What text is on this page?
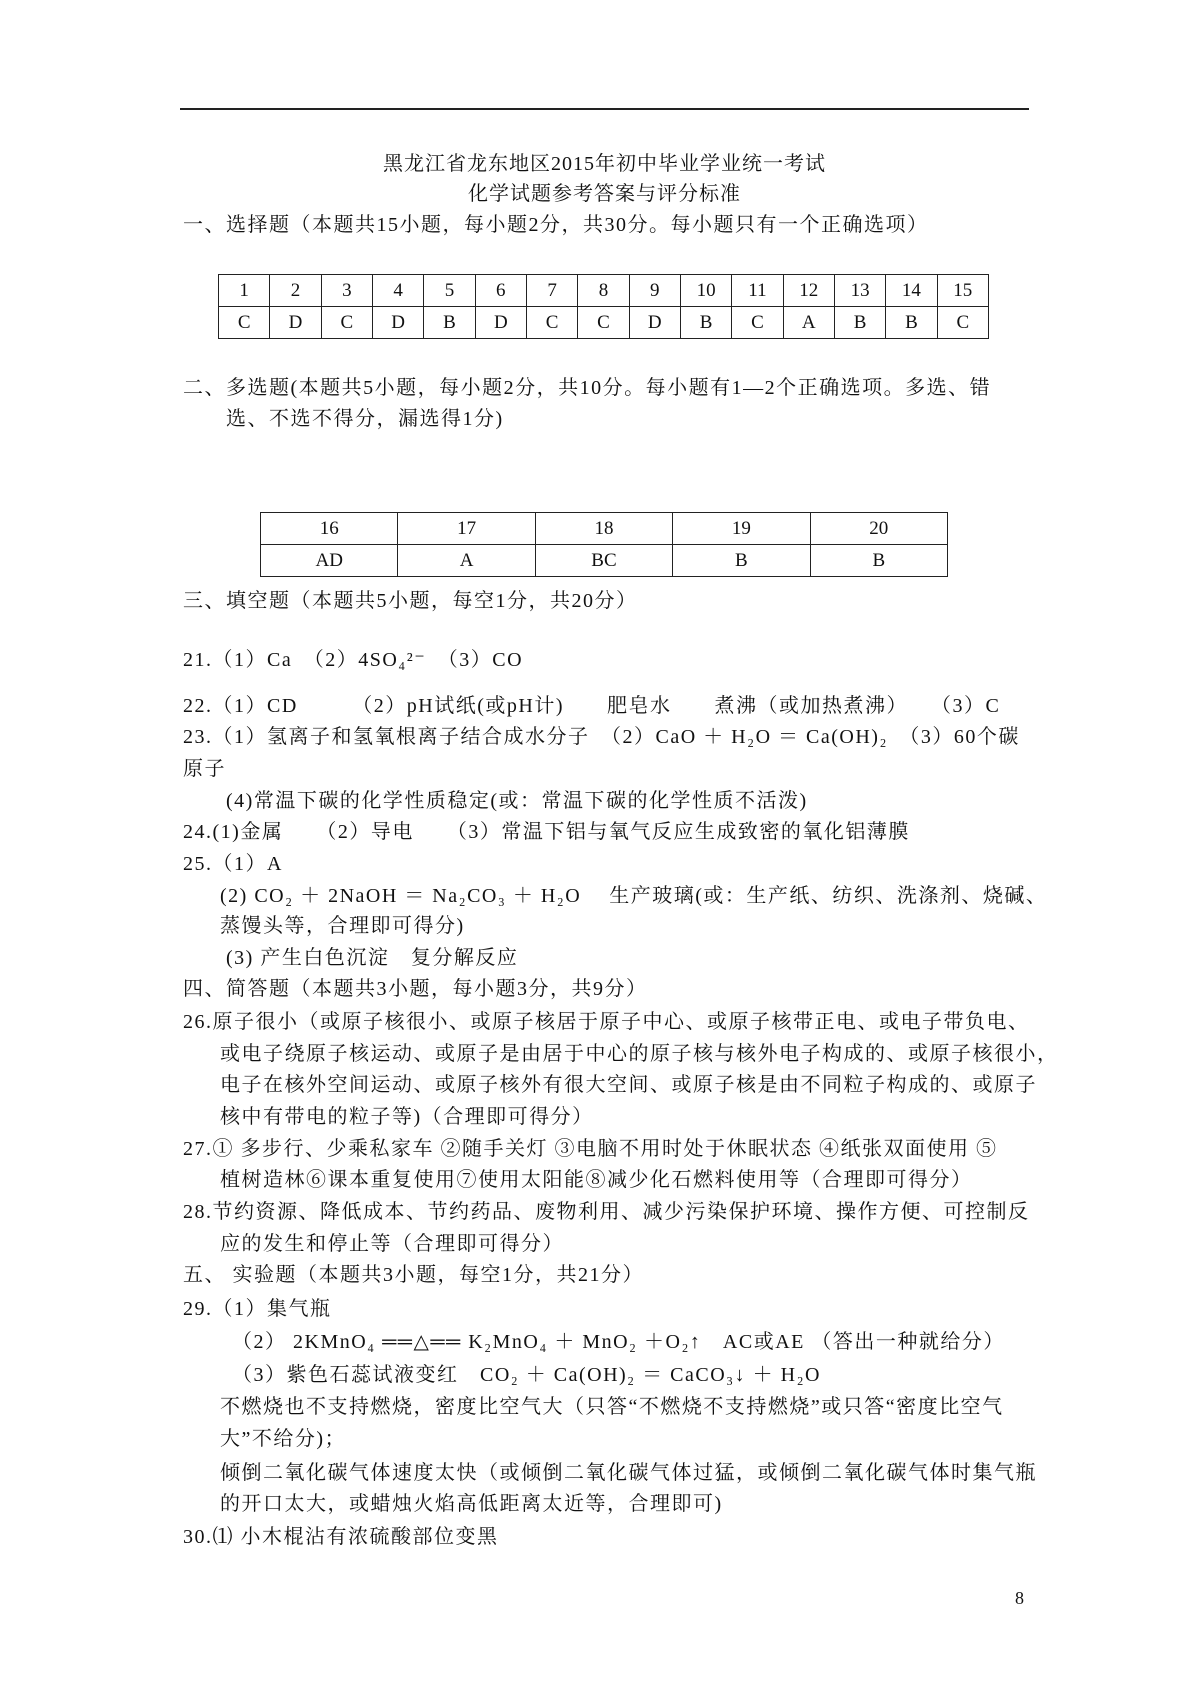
黑龙江省龙东地区2015年初中毕业学业统一考试
化学试题参考答案与评分标准
一、选择题（本题共15小题，每小题2分，共30分。每小题只有一个正确选项）
1	2	3	4	5	6	7	8	9	10	11	12	13	14	15
C	D	C	D	B	D	C	C	D	B	C	A	B	B	C
二、多选题(本题共5小题，每小题2分，共10分。每小题有1—2个正确选项。多选、错
选、不选不得分，漏选得1分)
16	17	18	19	20
AD	A	BC	B	B
三、填空题（本题共5小题，每空1分，共20分）
21.（1）Ca　（2）4SO₄²⁻　（3）CO
22.（1）CD　　　（2）pH试纸(或pH计)　　肥皂水　　煮沸（或加热煮沸）　　（3）C
23.（1）氢离子和氢氧根离子结合成水分子　（2）CaO ＋ H₂O ＝ Ca(OH)₂　（3）60个碳
原子
(4)常温下碳的化学性质稳定(或：常温下碳的化学性质不活泼)
24.(1)金属　　（2）导电　　（3）常温下铝与氧气反应生成致密的氧化铝薄膜
25.（1）A
(2) CO₂ ＋ 2NaOH ＝ Na₂CO₃ ＋ H₂O　 生产玻璃(或：生产纸、纺织、洗涤剂、烧碱、
蒸馒头等，合理即可得分)
(3) 产生白色沉淀　复分解反应
四、简答题（本题共3小题，每小题3分，共9分）
26.原子很小（或原子核很小、或原子核居于原子中心、或原子核带正电、或电子带负电、
或电子绕原子核运动、或原子是由居于中心的原子核与核外电子构成的、或原子核很小，
电子在核外空间运动、或原子核外有很大空间、或原子核是由不同粒子构成的、或原子
核中有带电的粒子等)（合理即可得分）
27.① 多步行、少乘私家车 ②随手关灯 ③电脑不用时处于休眠状态 ④纸张双面使用 ⑤
植树造林⑥课本重复使用⑦使用太阳能⑧减少化石燃料使用等（合理即可得分）
28.节约资源、降低成本、节约药品、废物利用、减少污染保护环境、操作方便、可控制反
应的发生和停止等（合理即可得分）
五、 实验题（本题共3小题，每空1分，共21分）
29.（1）集气瓶
（2） 2KMnO₄ ══△══ K₂MnO₄ ＋ MnO₂ ＋O₂↑　AC或AE （答出一种就给分）
（3）紫色石蕊试液变红　CO₂ ＋ Ca(OH)₂ ＝ CaCO₃↓ ＋ H₂O
不燃烧也不支持燃烧，密度比空气大（只答“不燃烧不支持燃烧”或只答“密度比空气
大”不给分)；
倾倒二氧化碳气体速度太快（或倾倒二氧化碳气体过猛，或倾倒二氧化碳气体时集气瓶
的开口太大，或蜡烛火焰高低距离太近等，合理即可)
30.⑴ 小木棍沾有浓硫酸部位变黑
8
